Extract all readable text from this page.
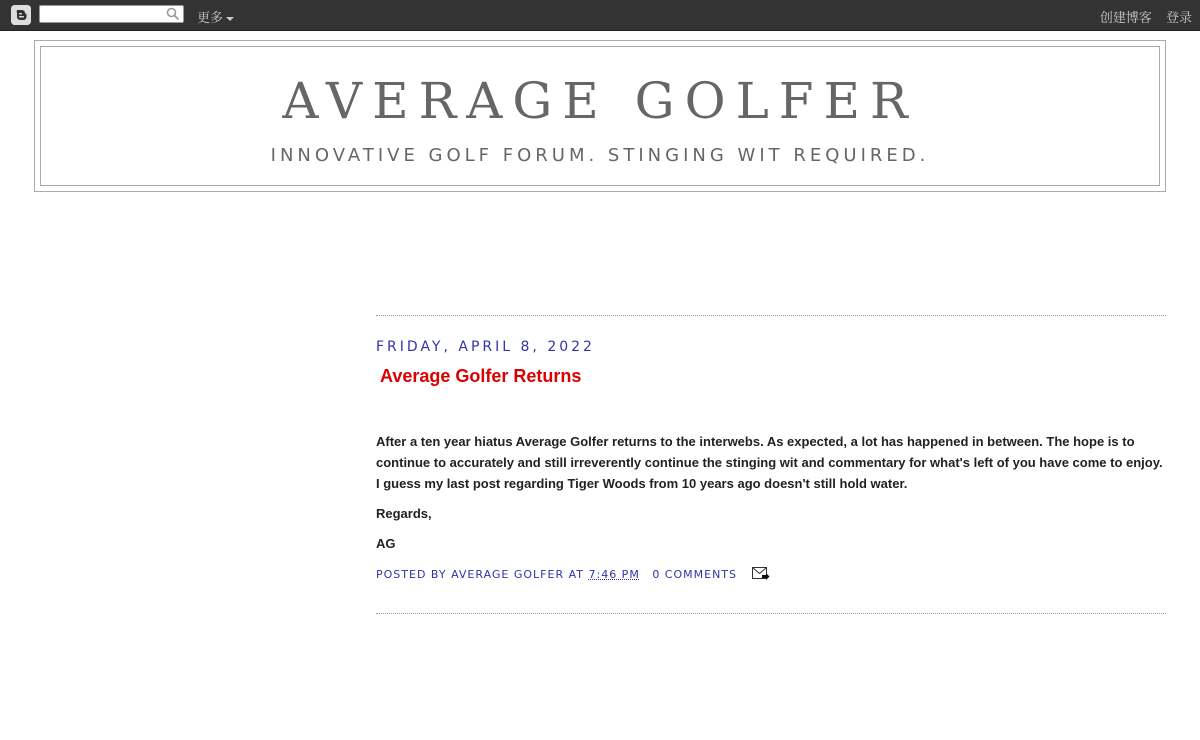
更多	创建博客 登录
AVERAGE GOLFER
INNOVATIVE GOLF FORUM. STINGING WIT REQUIRED.
FRIDAY, APRIL 8, 2022
Average Golfer Returns

After a ten year hiatus Average Golfer returns to the interwebs. As expected, a lot has happened in between. The hope is to continue to accurately and still irreverently continue the stinging wit and commentary for what's left of you have come to enjoy. I guess my last post regarding Tiger Woods from 10 years ago doesn't still hold water.

Regards,

AG

POSTED BY AVERAGE GOLFER AT 7:46 PM 0 COMMENTS
